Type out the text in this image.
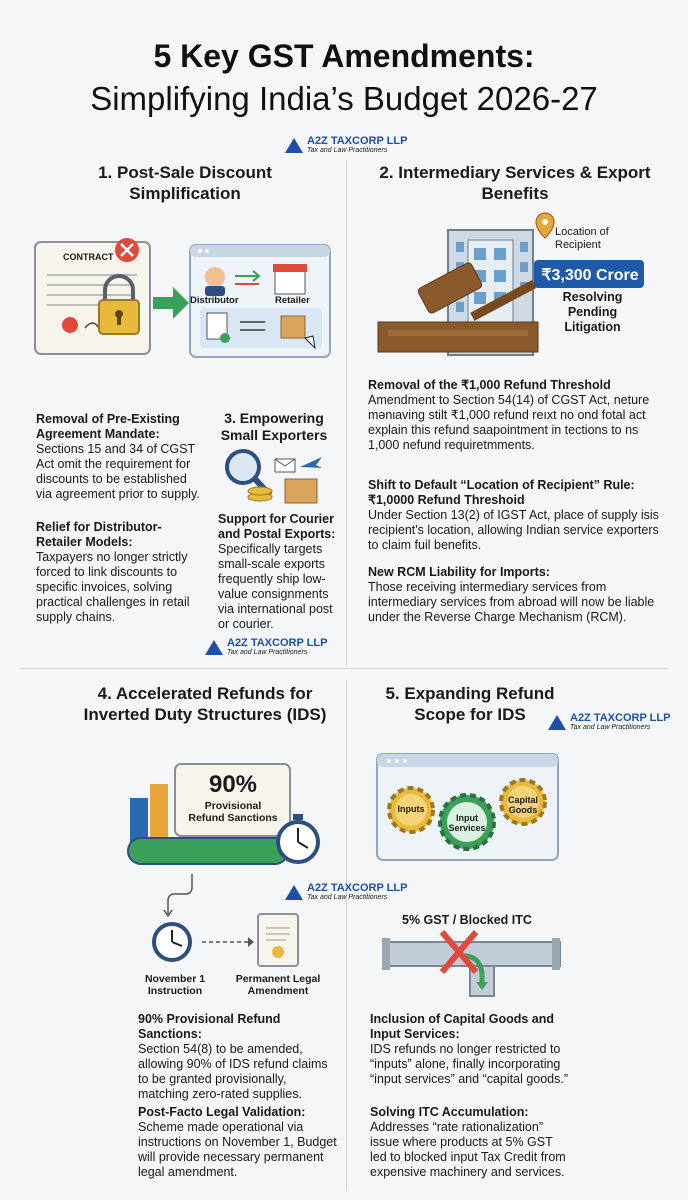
5 Key GST Amendments:
Simplifying India’s Budget 2026-27
A2Z TAXCORP LLP
Tax and Law Practitioners
1. Post-Sale Discount Simplification
CONTRACT
Distributor	Retailer
Removal of Pre-Existing Agreement Mandate:
Sections 15 and 34 of CGST Act omit the requirement for discounts to be established via agreement prior to supply.
Relief for Distributor-Retailer Models:
Taxpayers no longer strictly forced to link discounts to specific invoices, solving practical challenges in retail supply chains.
3. Empowering Small Exporters
Support for Courier and Postal Exports:
Specifically targets small-scale exports frequently ship low-value consignments via international post or courier.
A2Z TAXCORP LLP
Tax and Law Practitioners
2. Intermediary Services & Export Benefits
Location of Recipient
₹3,300 Crore
Resolving Pending Litigation
Removal of the ₹1,000 Refund Threshold
Amendment to Section 54(14) of CGST Act, neture mənιaving stilt ₹1,000 refund reıxt no ond fotal act explain this refund saapointment in tections to ns 1,000 nefund requiretmments.
Shift to Default “Location of Recipient” Rule: ₹1,0000 Refund Threshoid
Under Section 13(2) of IGST Act, place of supply isis recipient's location, allowing Indian service exporters to claim fuil benefits.
New RCM Liability for Imports:
Those receiving intermediary services from intermediary services from abroad will now be liable under the Reverse Charge Mechanism (RCM).
4. Accelerated Refunds for Inverted Duty Structures (IDS)
90%
Provisional Refund Sanctions
A2Z TAXCORP LLP
Tax and Law Practitioners
November 1 Instruction
Permanent Legal Amendment
90% Provisional Refund Sanctions:
Section 54(8) to be amended, allowing 90% of IDS refund claims to be granted provisionally, matching zero-rated supplies.
Post-Facto Legal Validation:
Scheme made operational via instructions on November 1, Budget will provide necessary permanent legal amendment.
5. Expanding Refund Scope for IDS	A2Z TAXCORP LLP
Tax and Law Practitioners
Inputs
Input Services
Capital Goods
5% GST / Blocked ITC
Inclusion of Capital Goods and Input Services:
IDS refunds no longer restricted to “inputs” alone, finally incorporating “input services” and “capital goods.”
Solving ITC Accumulation:
Addresses “rate rationalization” issue where products at 5% GST led to blocked input Tax Credit from expensive machinery and services.
